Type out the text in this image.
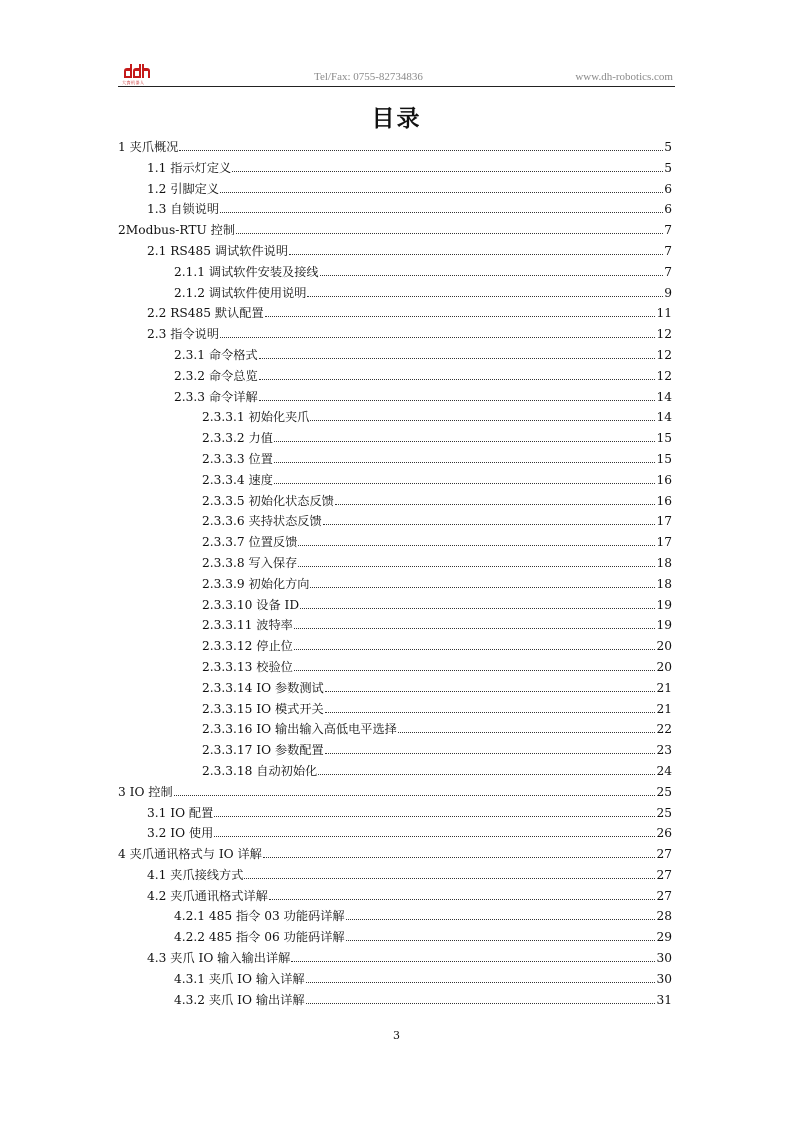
大寰机器人	Tel/Fax: 0755-82734836	www.dh-robotics.com
目录
1 夹爪概况	5
1.1 指示灯定义	5
1.2 引脚定义	6
1.3 自锁说明	6
2Modbus-RTU 控制	7
2.1 RS485 调试软件说明	7
2.1.1 调试软件安装及接线	7
2.1.2 调试软件使用说明	9
2.2 RS485 默认配置	11
2.3 指令说明	12
2.3.1 命令格式	12
2.3.2 命令总览	12
2.3.3 命令详解	14
2.3.3.1 初始化夹爪	14
2.3.3.2 力值	15
2.3.3.3 位置	15
2.3.3.4 速度	16
2.3.3.5 初始化状态反馈	16
2.3.3.6 夹持状态反馈	17
2.3.3.7 位置反馈	17
2.3.3.8 写入保存	18
2.3.3.9 初始化方向	18
2.3.3.10 设备 ID	19
2.3.3.11 波特率	19
2.3.3.12 停止位	20
2.3.3.13 校验位	20
2.3.3.14 IO 参数测试	21
2.3.3.15 IO 模式开关	21
2.3.3.16 IO 输出输入高低电平选择	22
2.3.3.17 IO 参数配置	23
2.3.3.18 自动初始化	24
3 IO 控制	25
3.1 IO 配置	25
3.2 IO 使用	26
4 夹爪通讯格式与 IO 详解	27
4.1 夹爪接线方式	27
4.2 夹爪通讯格式详解	27
4.2.1 485 指令 03 功能码详解	28
4.2.2 485 指令 06 功能码详解	29
4.3 夹爪 IO 输入输出详解	30
4.3.1 夹爪 IO 输入详解	30
4.3.2 夹爪 IO 输出详解	31
3
